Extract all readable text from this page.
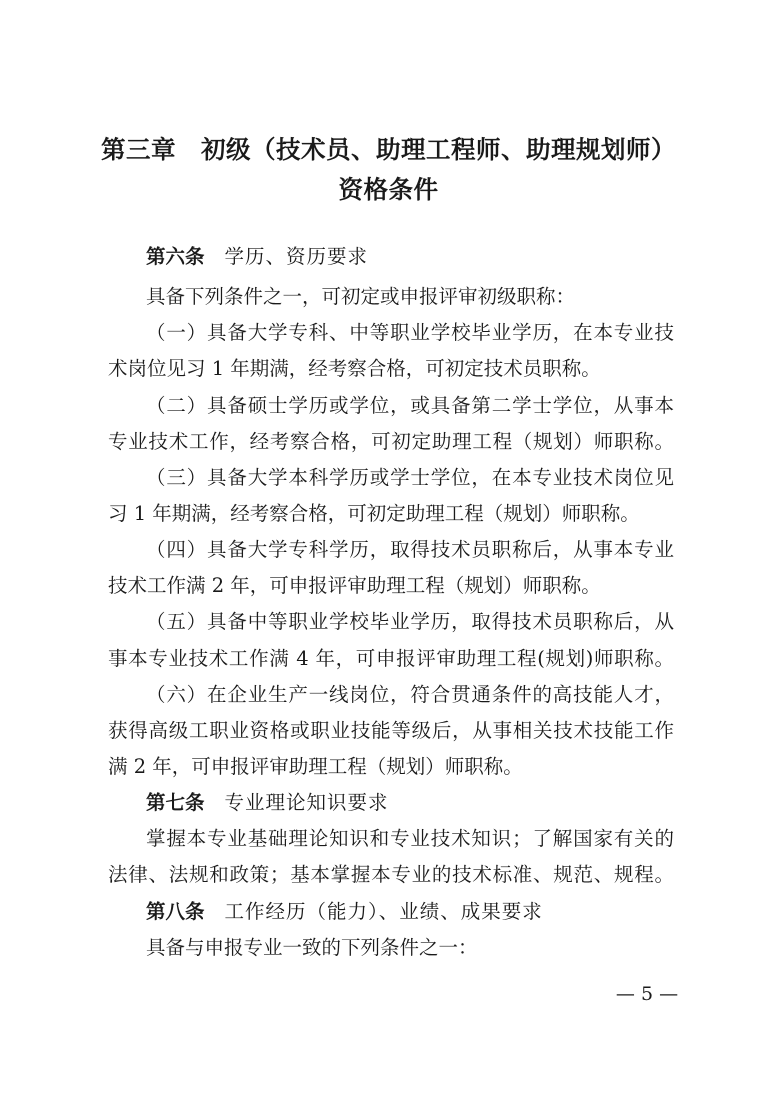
第三章　初级（技术员、助理工程师、助理规划师）
资格条件
第六条 学历、资历要求
具备下列条件之一，可初定或申报评审初级职称：
（一）具备大学专科、中等职业学校毕业学历，在本专业技
术岗位见习 1 年期满，经考察合格，可初定技术员职称。
（二）具备硕士学历或学位，或具备第二学士学位，从事本
专业技术工作，经考察合格，可初定助理工程（规划）师职称。
（三）具备大学本科学历或学士学位，在本专业技术岗位见
习 1 年期满，经考察合格，可初定助理工程（规划）师职称。
（四）具备大学专科学历，取得技术员职称后，从事本专业
技术工作满 2 年，可申报评审助理工程（规划）师职称。
（五）具备中等职业学校毕业学历，取得技术员职称后，从
事本专业技术工作满 4 年，可申报评审助理工程(规划)师职称。
（六）在企业生产一线岗位，符合贯通条件的高技能人才，
获得高级工职业资格或职业技能等级后，从事相关技术技能工作
满 2 年，可申报评审助理工程（规划）师职称。
第七条 专业理论知识要求
掌握本专业基础理论知识和专业技术知识；了解国家有关的
法律、法规和政策；基本掌握本专业的技术标准、规范、规程。
第八条 工作经历（能力）、业绩、成果要求
具备与申报专业一致的下列条件之一：
— 5 —
